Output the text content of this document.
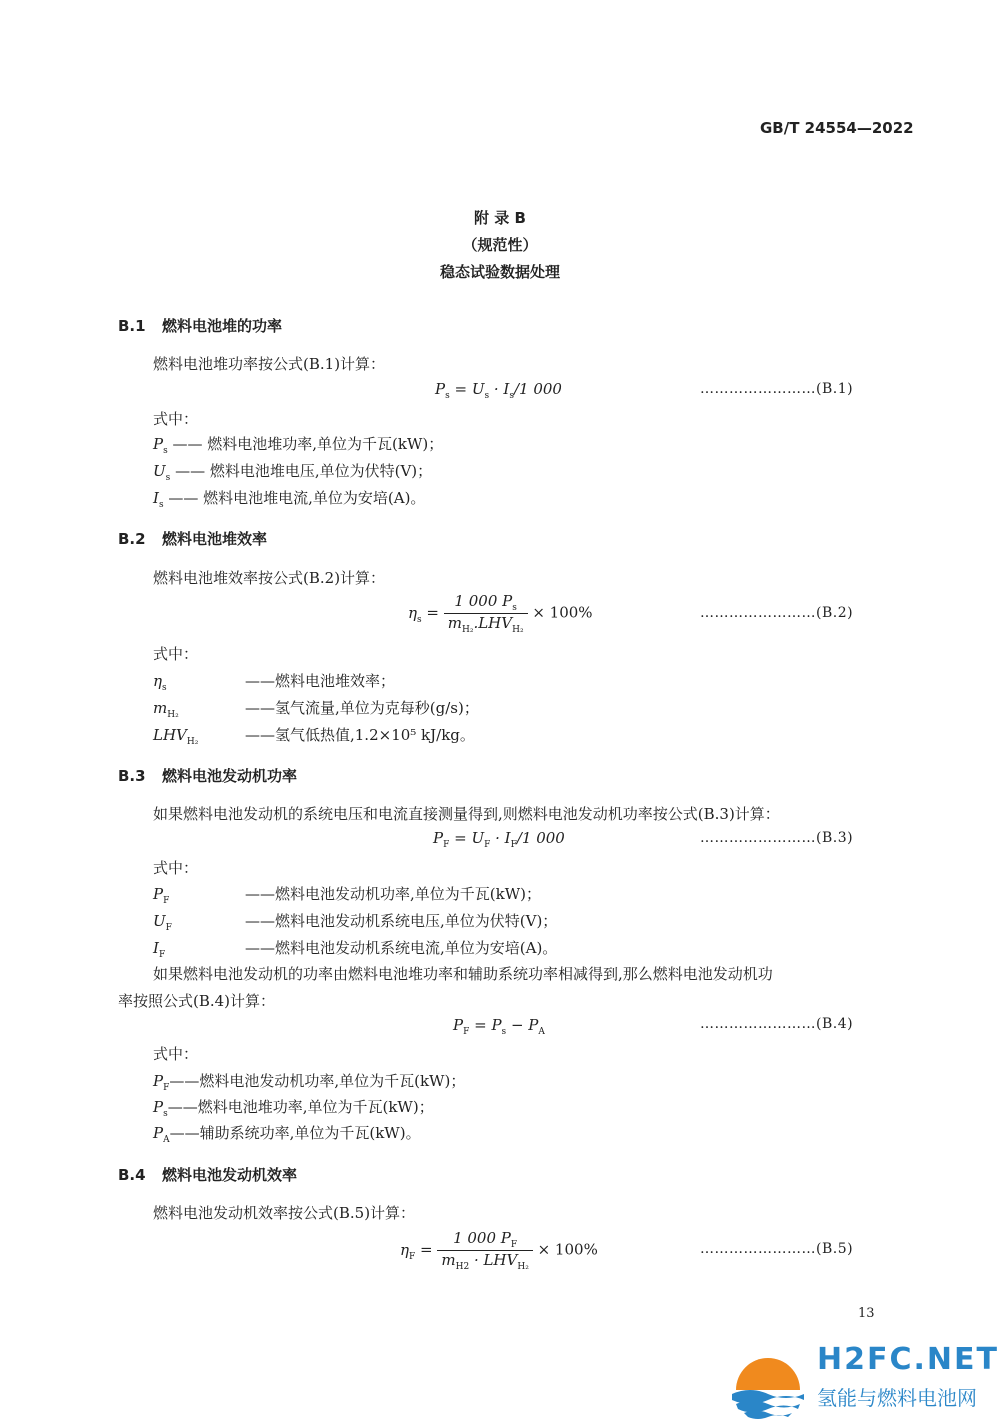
GB/T 24554—2022
附 录 B
（规范性）
稳态试验数据处理
B.1 燃料电池堆的功率
燃料电池堆功率按公式(B.1)计算：
$P_s = U_s \cdot I_s/1$ 000	……………………(B.1)
式中：
$P_s$ —— 燃料电池堆功率,单位为千瓦(kW)；
$U_s$ —— 燃料电池堆电压,单位为伏特(V)；
$I_s$ —— 燃料电池堆电流,单位为安培(A)。
B.2 燃料电池堆效率
燃料电池堆效率按公式(B.2)计算：
$\eta_s = \frac{1 000 P_s}{m_{H_2}.LHV_{H_2}} \times 100\%$	……………………(B.2)
式中：
$\eta_s$	——燃料电池堆效率；
$m_{H_2}$	——氢气流量,单位为克每秒(g/s)；
$LHV_{H_2}$	——氢气低热值,1.2×10⁵ kJ/kg。
B.3 燃料电池发动机功率
如果燃料电池发动机的系统电压和电流直接测量得到,则燃料电池发动机功率按公式(B.3)计算：
$P_F = U_F \cdot I_F/1$ 000	……………………(B.3)
式中：
$P_F$	——燃料电池发动机功率,单位为千瓦(kW)；
$U_F$	——燃料电池发动机系统电压,单位为伏特(V)；
$I_F$	——燃料电池发动机系统电流,单位为安培(A)。
如果燃料电池发动机的功率由燃料电池堆功率和辅助系统功率相减得到,那么燃料电池发动机功
率按照公式(B.4)计算：
$P_F = P_s - P_A$	……………………(B.4)
式中：
$P_F——$燃料电池发动机功率,单位为千瓦(kW)；
$P_s——$燃料电池堆功率,单位为千瓦(kW)；
$P_A——$辅助系统功率,单位为千瓦(kW)。
B.4 燃料电池发动机效率
燃料电池发动机效率按公式(B.5)计算：
$\eta_F = \frac{1 000 P_F}{m_{H2} \cdot LHV_{H_2}} \times 100\%$	……………………(B.5)
13
H2FC.NET
氢能与燃料电池网
